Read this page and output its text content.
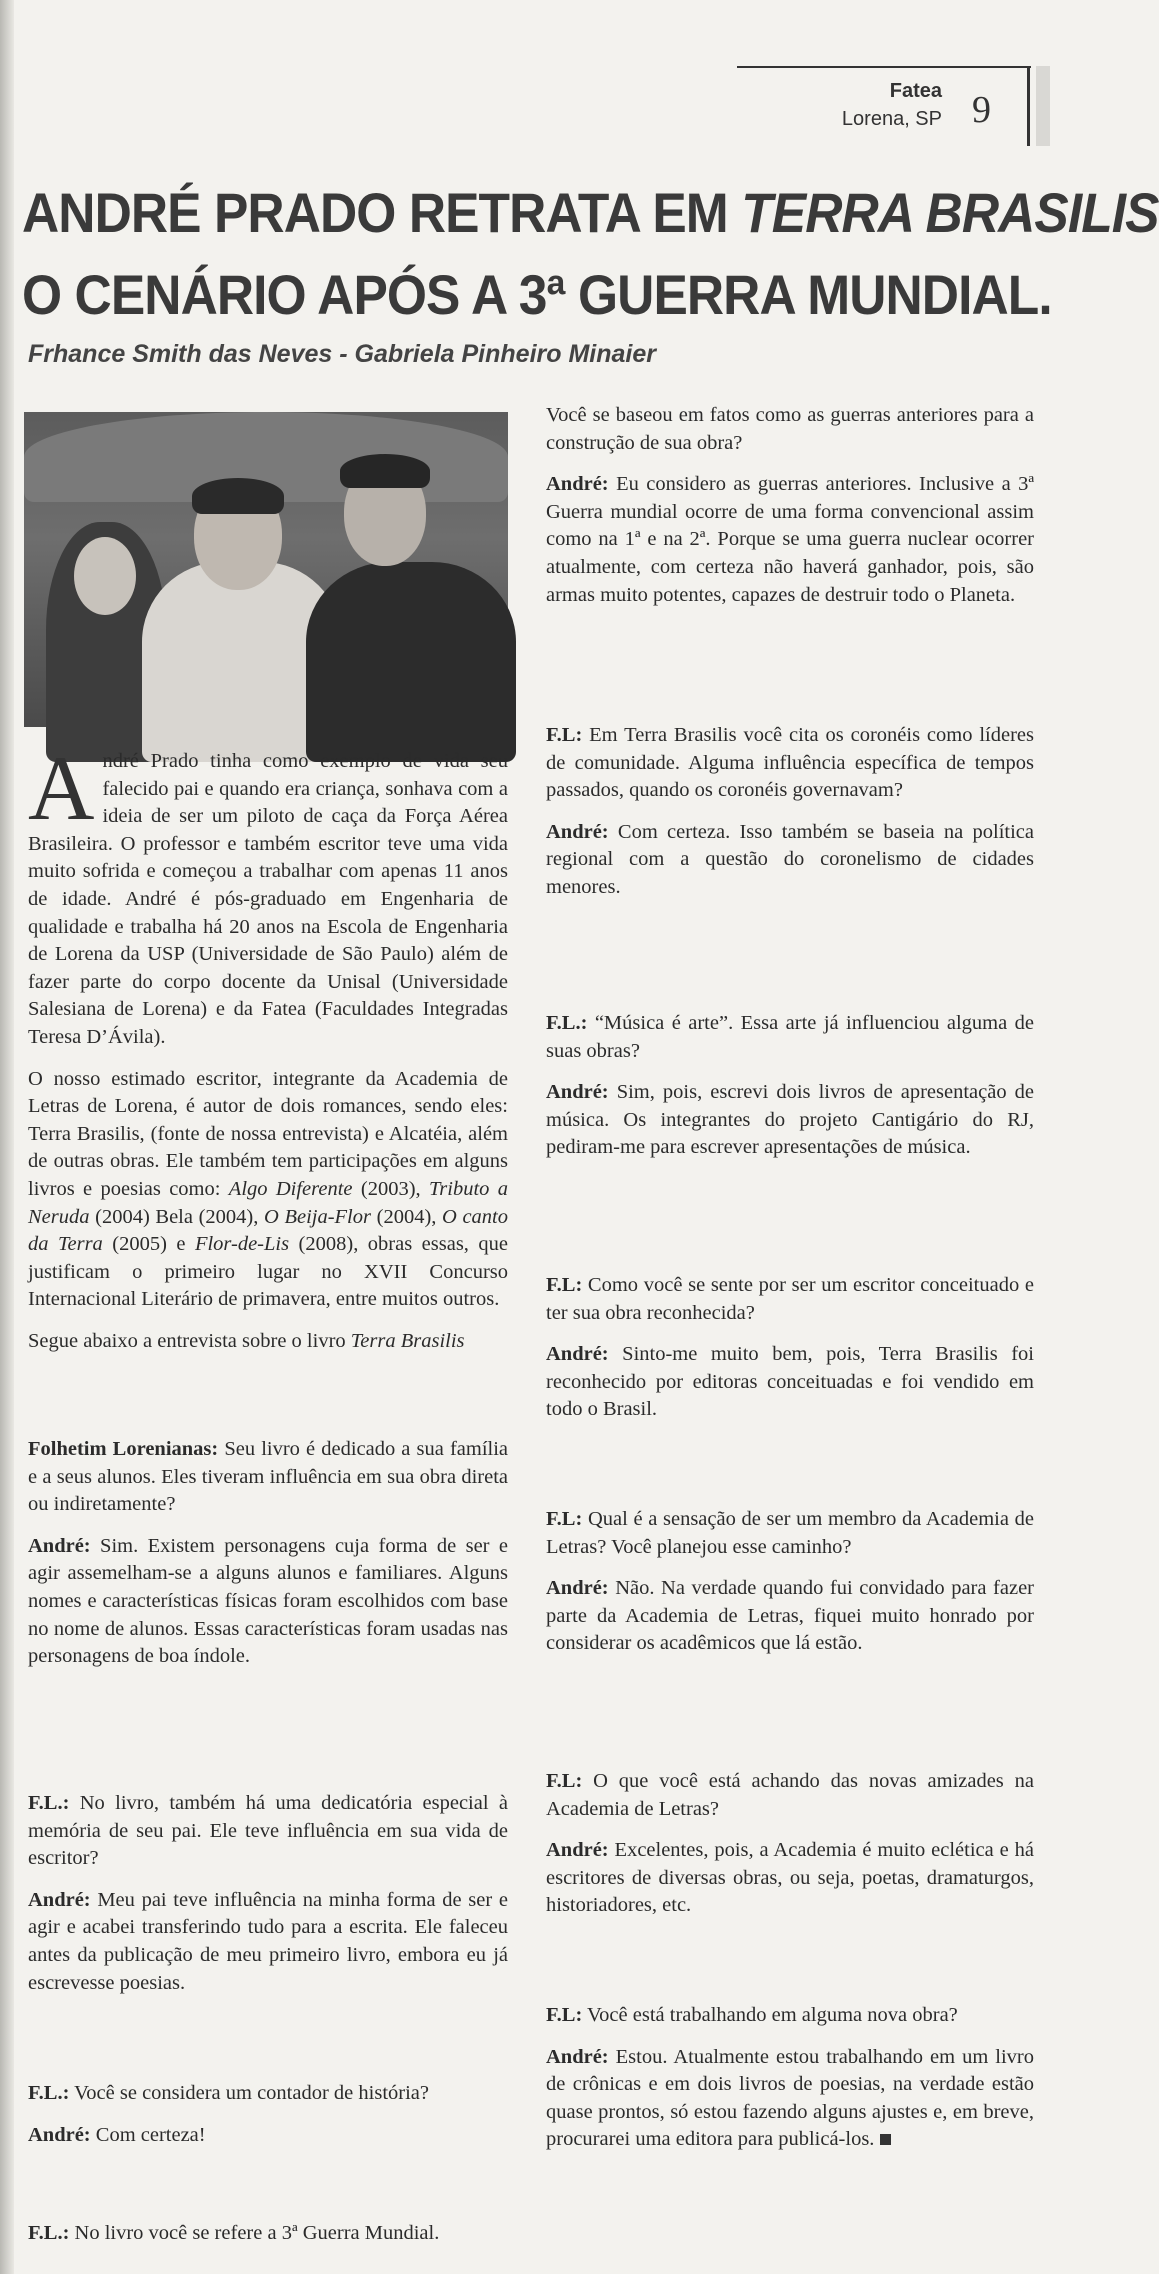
Fatea
Lorena, SP 9
ANDRÉ PRADO RETRATA EM TERRA BRASILIS
O CENÁRIO APÓS A 3ª GUERRA MUNDIAL.

Frhance Smith das Neves - Gabriela Pinheiro Minaier

André Prado tinha como exemplo de vida seu falecido pai e quando era criança, sonhava com a ideia de ser um piloto de caça da Força Aérea Brasileira. O professor e também escritor teve uma vida muito sofrida e começou a trabalhar com apenas 11 anos de idade. André é pós-graduado em Engenharia de qualidade e trabalha há 20 anos na Escola de Engenharia de Lorena da USP (Universidade de São Paulo) além de fazer parte do corpo docente da Unisal (Universidade Salesiana de Lorena) e da Fatea (Faculdades Integradas Teresa D’Ávila).

O nosso estimado escritor, integrante da Academia de Letras de Lorena, é autor de dois romances, sendo eles: Terra Brasilis, (fonte de nossa entrevista) e Alcatéia, além de outras obras. Ele também tem participações em alguns livros e poesias como: Algo Diferente (2003), Tributo a Neruda (2004) Bela (2004), O Beija-Flor (2004), O canto da Terra (2005) e Flor-de-Lis (2008), obras essas, que justificam o primeiro lugar no XVII Concurso Internacional Literário de primavera, entre muitos outros.

Segue abaixo a entrevista sobre o livro Terra Brasilis

Folhetim Lorenianas: Seu livro é dedicado a sua família e a seus alunos. Eles tiveram influência em sua obra direta ou indiretamente?

André: Sim. Existem personagens cuja forma de ser e agir assemelham-se a alguns alunos e familiares. Alguns nomes e características físicas foram escolhidos com base no nome de alunos. Essas características foram usadas nas personagens de boa índole.

F.L.: No livro, também há uma dedicatória especial à memória de seu pai. Ele teve influência em sua vida de escritor?

André: Meu pai teve influência na minha forma de ser e agir e acabei transferindo tudo para a escrita. Ele faleceu antes da publicação de meu primeiro livro, embora eu já escrevesse poesias.

F.L.: Você se considera um contador de história?

André: Com certeza!

F.L.: No livro você se refere a 3ª Guerra Mundial.

Você se baseou em fatos como as guerras anteriores para a construção de sua obra?

André: Eu considero as guerras anteriores. Inclusive a 3ª Guerra mundial ocorre de uma forma convencional assim como na 1ª e na 2ª. Porque se uma guerra nuclear ocorrer atualmente, com certeza não haverá ganhador, pois, são armas muito potentes, capazes de destruir todo o Planeta.

F.L: Em Terra Brasilis você cita os coronéis como líderes de comunidade. Alguma influência específica de tempos passados, quando os coronéis governavam?

André: Com certeza. Isso também se baseia na política regional com a questão do coronelismo de cidades menores.

F.L.: “Música é arte”. Essa arte já influenciou alguma de suas obras?

André: Sim, pois, escrevi dois livros de apresentação de música. Os integrantes do projeto Cantigário do RJ, pediram-me para escrever apresentações de música.

F.L: Como você se sente por ser um escritor conceituado e ter sua obra reconhecida?

André: Sinto-me muito bem, pois, Terra Brasilis foi reconhecido por editoras conceituadas e foi vendido em todo o Brasil.

F.L: Qual é a sensação de ser um membro da Academia de Letras? Você planejou esse caminho?

André: Não. Na verdade quando fui convidado para fazer parte da Academia de Letras, fiquei muito honrado por considerar os acadêmicos que lá estão.

F.L: O que você está achando das novas amizades na Academia de Letras?

André: Excelentes, pois, a Academia é muito eclética e há escritores de diversas obras, ou seja, poetas, dramaturgos, historiadores, etc.

F.L: Você está trabalhando em alguma nova obra?

André: Estou. Atualmente estou trabalhando em um livro de crônicas e em dois livros de poesias, na verdade estão quase prontos, só estou fazendo alguns ajustes e, em breve, procurarei uma editora para publicá-los.
